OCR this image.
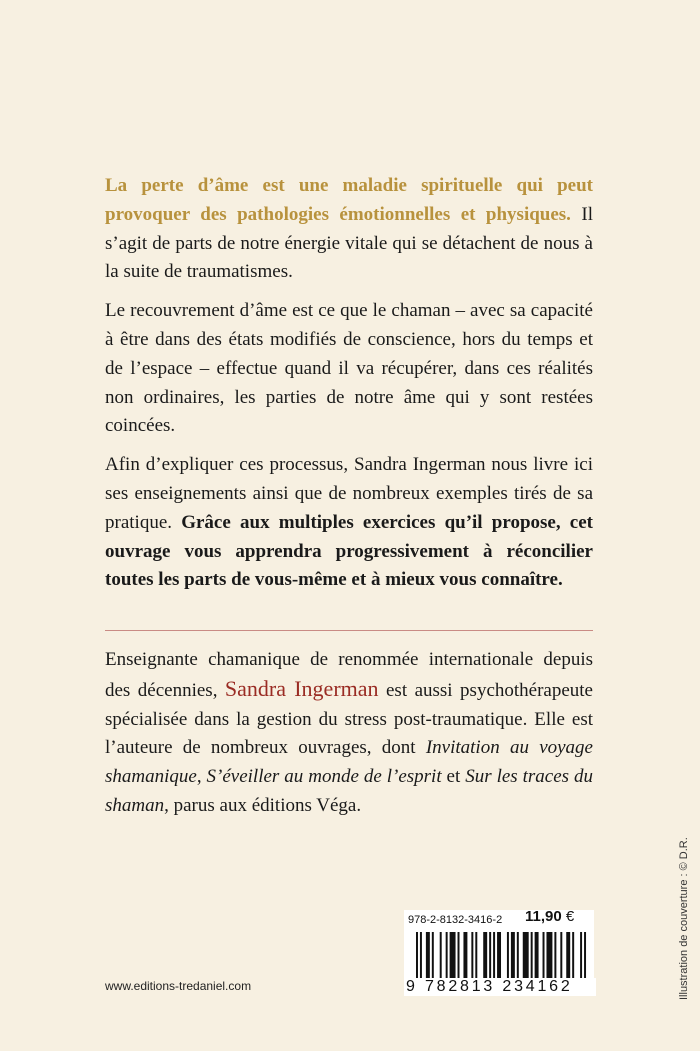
La perte d’âme est une maladie spirituelle qui peut provoquer des pathologies émotionnelles et physiques. Il s’agit de parts de notre énergie vitale qui se détachent de nous à la suite de traumatismes.

Le recouvrement d’âme est ce que le chaman – avec sa capacité à être dans des états modifiés de conscience, hors du temps et de l’espace – effectue quand il va récupérer, dans ces réalités non ordinaires, les parties de notre âme qui y sont restées coincées.

Afin d’expliquer ces processus, Sandra Ingerman nous livre ici ses enseignements ainsi que de nombreux exemples tirés de sa pratique. Grâce aux multiples exercices qu’il propose, cet ouvrage vous apprendra progressivement à réconcilier toutes les parts de vous-même et à mieux vous connaître.

Enseignante chamanique de renommée internationale depuis des décennies, Sandra Ingerman est aussi psychothérapeute spécialisée dans la gestion du stress post-traumatique. Elle est l’auteure de nombreux ouvrages, dont Invitation au voyage shamanique, S’éveiller au monde de l’esprit et Sur les traces du shaman, parus aux éditions Véga.

Illustration de couverture : © D.R.
www.editions-tredaniel.com
978-2-8132-3416-2 11,90 €
9 782813 234162
